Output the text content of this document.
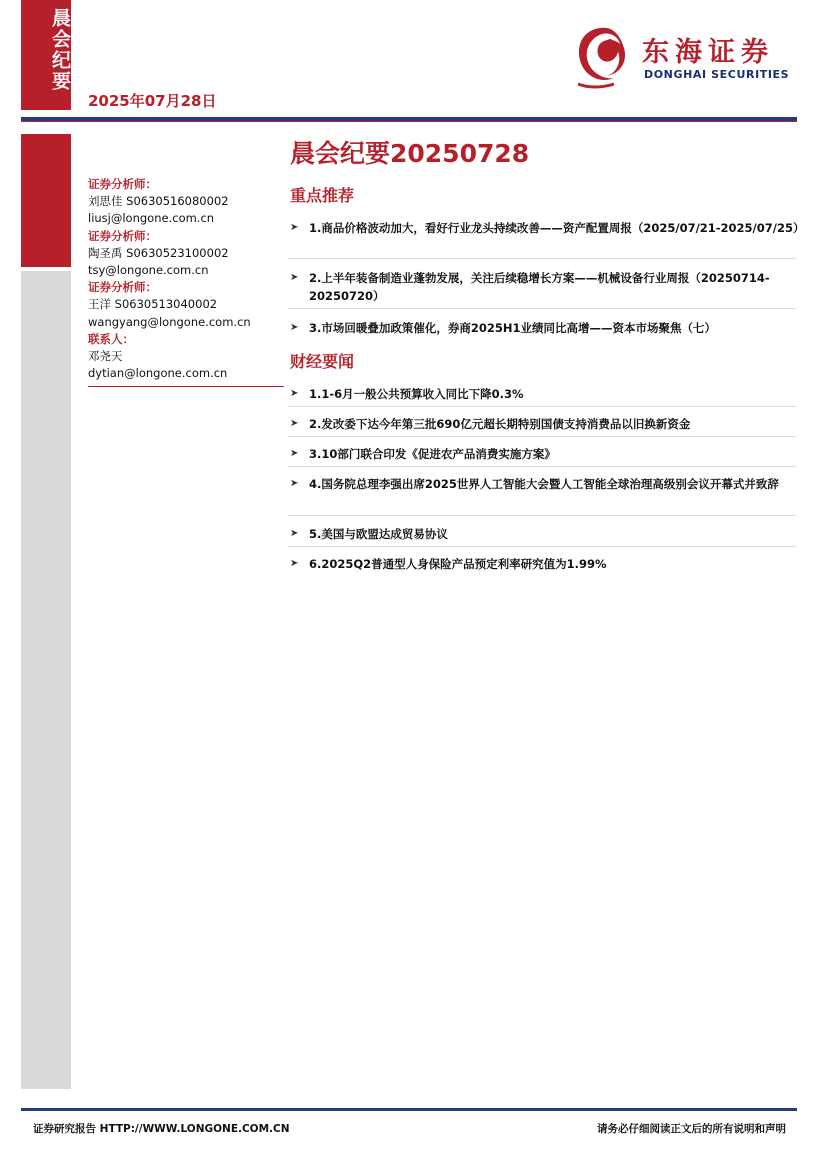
晨会纪要
2025年07月28日
东海证券
DONGHAI SECURITIES
证券分析师：
刘思佳 S0630516080002
liusj@longone.com.cn
证券分析师：
陶圣禹 S0630523100002
tsy@longone.com.cn
证券分析师：
王洋 S0630513040002
wangyang@longone.com.cn
联系人：
邓尧天
dytian@longone.com.cn
晨会纪要20250728
重点推荐
➤ 1.商品价格波动加大，看好行业龙头持续改善——资产配置周报（2025/07/21-2025/07/25）
➤ 2.上半年装备制造业蓬勃发展，关注后续稳增长方案——机械设备行业周报（20250714-20250720）
➤ 3.市场回暖叠加政策催化，券商2025H1业绩同比高增——资本市场聚焦（七）
财经要闻
➤ 1.1-6月一般公共预算收入同比下降0.3%
➤ 2.发改委下达今年第三批690亿元超长期特别国债支持消费品以旧换新资金
➤ 3.10部门联合印发《促进农产品消费实施方案》
➤ 4.国务院总理李强出席2025世界人工智能大会暨人工智能全球治理高级别会议开幕式并致辞
➤ 5.美国与欧盟达成贸易协议
➤ 6.2025Q2普通型人身保险产品预定利率研究值为1.99%
证券研究报告 HTTP://WWW.LONGONE.COM.CN	请务必仔细阅读正文后的所有说明和声明
